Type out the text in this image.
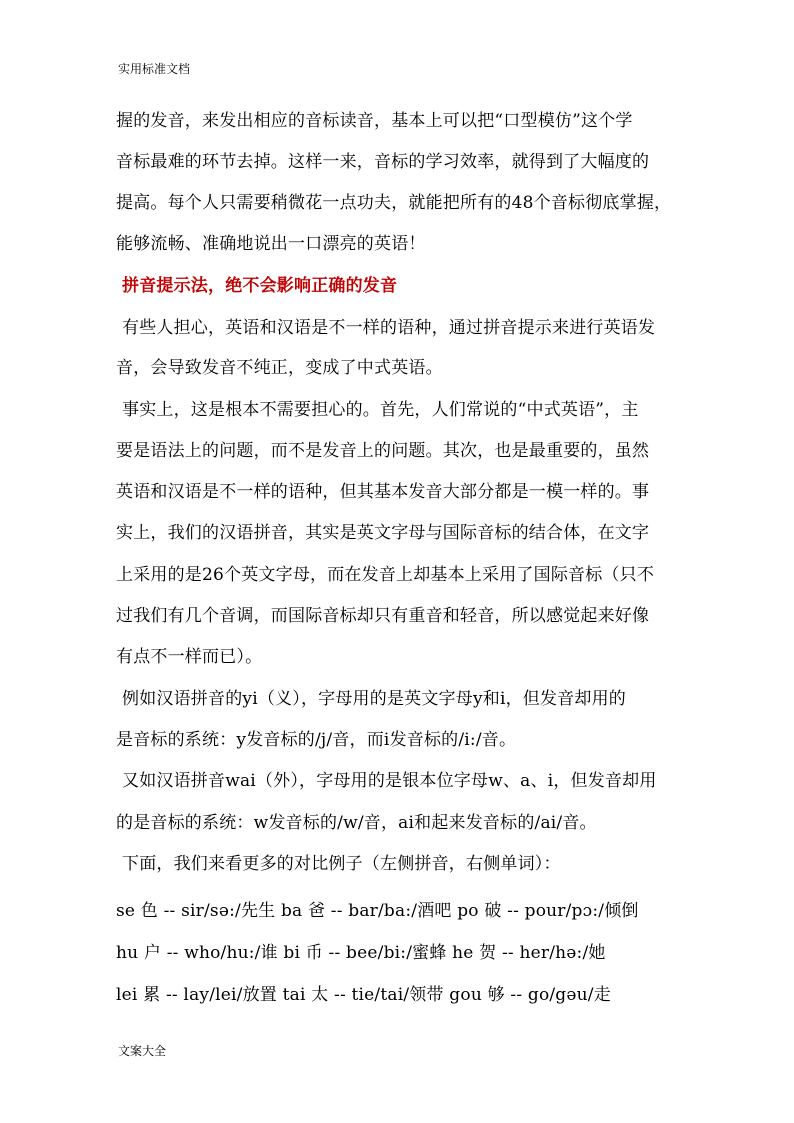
实用标准文档
握的发音，来发出相应的音标读音，基本上可以把“口型模仿”这个学
音标最难的环节去掉。这样一来，音标的学习效率，就得到了大幅度的
提高。每个人只需要稍微花一点功夫，就能把所有的48个音标彻底掌握，
能够流畅、准确地说出一口漂亮的英语！
拼音提示法，绝不会影响正确的发音
有些人担心，英语和汉语是不一样的语种，通过拼音提示来进行英语发
音，会导致发音不纯正，变成了中式英语。
事实上，这是根本不需要担心的。首先，人们常说的“中式英语”，主
要是语法上的问题，而不是发音上的问题。其次，也是最重要的，虽然
英语和汉语是不一样的语种，但其基本发音大部分都是一模一样的。事
实上，我们的汉语拼音，其实是英文字母与国际音标的结合体，在文字
上采用的是26个英文字母，而在发音上却基本上采用了国际音标（只不
过我们有几个音调，而国际音标却只有重音和轻音，所以感觉起来好像
有点不一样而已）。
例如汉语拼音的yi（义），字母用的是英文字母y和i，但发音却用的
是音标的系统：y发音标的/j/音，而i发音标的/i:/音。
又如汉语拼音wai（外），字母用的是银本位字母w、a、i，但发音却用
的是音标的系统：w发音标的/w/音，ai和起来发音标的/ai/音。
下面，我们来看更多的对比例子（左侧拼音，右侧单词）：
se 色 -- sir/sə:/先生 ba 爸 -- bar/ba:/酒吧 po 破 -- pour/pɔ:/倾倒
hu 户 -- who/hu:/谁 bi 币 -- bee/bi:/蜜蜂 he 贺 -- her/hə:/她
lei 累 -- lay/lei/放置 tai 太 -- tie/tai/领带 gou 够 -- go/gəu/走
文案大全
